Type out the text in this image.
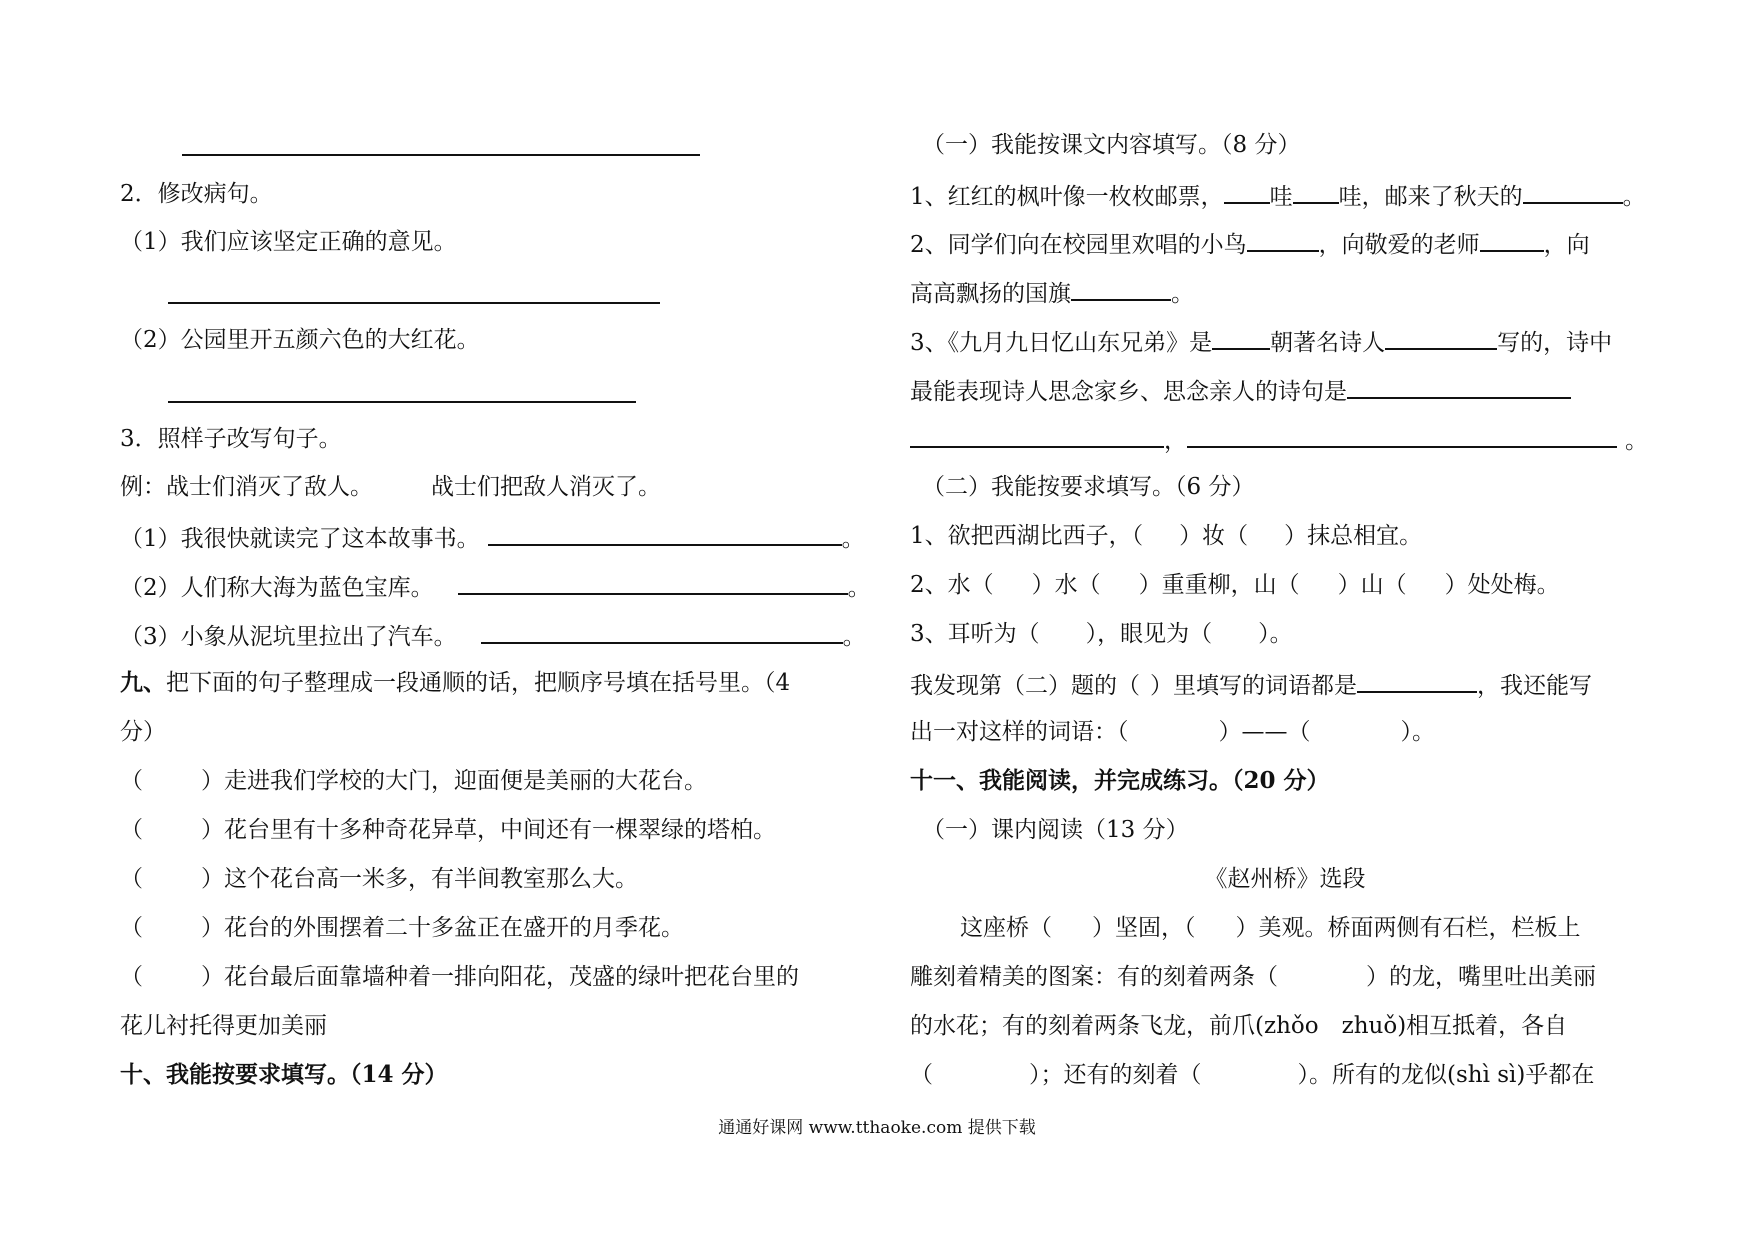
2．修改病句。
（1）我们应该坚定正确的意见。
（2）公园里开五颜六色的大红花。
3．照样子改写句子。
例：战士们消灭了敌人。	战士们把敌人消灭了。
（1）我很快就读完了这本故事书。	。
（2）人们称大海为蓝色宝库。	。
（3）小象从泥坑里拉出了汽车。	。
九、把下面的句子整理成一段通顺的话，把顺序号填在括号里。（4
分）
（	）走进我们学校的大门，迎面便是美丽的大花台。
（	）花台里有十多种奇花异草，中间还有一棵翠绿的塔柏。
（	）这个花台高一米多，有半间教室那么大。
（	）花台的外围摆着二十多盆正在盛开的月季花。
（	）花台最后面靠墙种着一排向阳花，茂盛的绿叶把花台里的
花儿衬托得更加美丽
十、我能按要求填写。（14 分）
（一）我能按课文内容填写。（8 分）
1、红红的枫叶像一枚枚邮票， 哇 哇，邮来了秋天的	。
2、同学们向在校园里欢唱的小鸟	，向敬爱的老师	，向
高高飘扬的国旗	。
3、《九月九日忆山东兄弟》是	朝著名诗人	写的，诗中
最能表现诗人思念家乡、思念亲人的诗句是
，	。
（二）我能按要求填写。（6 分）
1、欲把西湖比西子，（ ）妆（ ）抹总相宜。
2、水（ ）水（ ）重重柳，山（ ）山（ ）处处梅。
3、耳听为（ ），眼见为（ ）。
我发现第（二）题的（ ）里填写的词语都是	，我还能写
出一对这样的词语：（	）——（	）。
十一、我能阅读，并完成练习。（20 分）
（一）课内阅读（13 分）
《赵州桥》选段
这座桥（ ）坚固，（ ）美观。桥面两侧有石栏，栏板上
雕刻着精美的图案：有的刻着两条（	）的龙，嘴里吐出美丽
的水花；有的刻着两条飞龙，前爪(zhǒo　zhuǒ)相互抵着，各自
（	）；还有的刻着（	）。所有的龙似(shì sì)乎都在
通通好课网 www.tthaoke.com 提供下载
